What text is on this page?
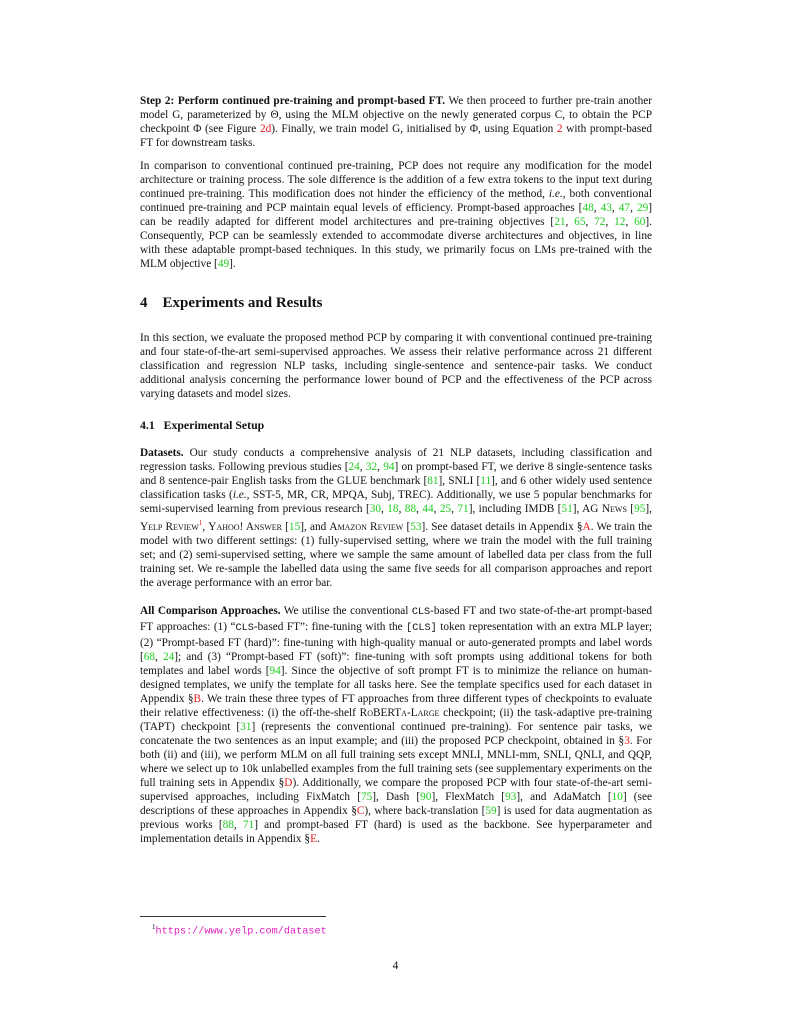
Step 2: Perform continued pre-training and prompt-based FT. We then proceed to further pre-train another model G, parameterized by Θ, using the MLM objective on the newly generated corpus C, to obtain the PCP checkpoint Φ (see Figure 2d). Finally, we train model G, initialised by Φ, using Equation 2 with prompt-based FT for downstream tasks.

In comparison to conventional continued pre-training, PCP does not require any modification for the model architecture or training process. The sole difference is the addition of a few extra tokens to the input text during continued pre-training. This modification does not hinder the efficiency of the method, i.e., both conventional continued pre-training and PCP maintain equal levels of efficiency. Prompt-based approaches [48, 43, 47, 29] can be readily adapted for different model architectures and pre-training objectives [21, 65, 72, 12, 60]. Consequently, PCP can be seamlessly extended to accommodate diverse architectures and objectives, in line with these adaptable prompt-based techniques. In this study, we primarily focus on LMs pre-trained with the MLM objective [49].

4 Experiments and Results

In this section, we evaluate the proposed method PCP by comparing it with conventional continued pre-training and four state-of-the-art semi-supervised approaches. We assess their relative performance across 21 different classification and regression NLP tasks, including single-sentence and sentence-pair tasks. We conduct additional analysis concerning the performance lower bound of PCP and the effectiveness of the PCP across varying datasets and model sizes.

4.1 Experimental Setup

Datasets. Our study conducts a comprehensive analysis of 21 NLP datasets, including classification and regression tasks. Following previous studies [24, 32, 94] on prompt-based FT, we derive 8 single-sentence tasks and 8 sentence-pair English tasks from the GLUE benchmark [81], SNLI [11], and 6 other widely used sentence classification tasks (i.e., SST-5, MR, CR, MPQA, Subj, TREC). Additionally, we use 5 popular benchmarks for semi-supervised learning from previous research [30, 18, 88, 44, 25, 71], including IMDB [51], AG News [95], Yelp Review$^1$, Yahoo! Answer [15], and Amazon Review [53]. See dataset details in Appendix §A. We train the model with two different settings: (1) fully-supervised setting, where we train the model with the full training set; and (2) semi-supervised setting, where we sample the same amount of labelled data per class from the full training set. We re-sample the labelled data using the same five seeds for all comparison approaches and report the average performance with an error bar.

All Comparison Approaches. We utilise the conventional CLS-based FT and two state-of-the-art prompt-based FT approaches: (1) “CLS-based FT”: fine-tuning with the [CLS] token representation with an extra MLP layer; (2) “Prompt-based FT (hard)”: fine-tuning with high-quality manual or auto-generated prompts and label words [68, 24]; and (3) “Prompt-based FT (soft)”: fine-tuning with soft prompts using additional tokens for both templates and label words [94]. Since the objective of soft prompt FT is to minimize the reliance on human-designed templates, we unify the template for all tasks here. See the template specifics used for each dataset in Appendix §B. We train these three types of FT approaches from three different types of checkpoints to evaluate their relative effectiveness: (i) the off-the-shelf RoBERTa-Large checkpoint; (ii) the task-adaptive pre-training (TAPT) checkpoint [31] (represents the conventional continued pre-training). For sentence pair tasks, we concatenate the two sentences as an input example; and (iii) the proposed PCP checkpoint, obtained in §3. For both (ii) and (iii), we perform MLM on all full training sets except MNLI, MNLI-mm, SNLI, QNLI, and QQP, where we select up to 10k unlabelled examples from the full training sets (see supplementary experiments on the full training sets in Appendix §D). Additionally, we compare the proposed PCP with four state-of-the-art semi-supervised approaches, including FixMatch [75], Dash [90], FlexMatch [93], and AdaMatch [10] (see descriptions of these approaches in Appendix §C), where back-translation [59] is used for data augmentation as previous works [88, 71] and prompt-based FT (hard) is used as the backbone. See hyperparameter and implementation details in Appendix §E.

$^1$https://www.yelp.com/dataset
4
